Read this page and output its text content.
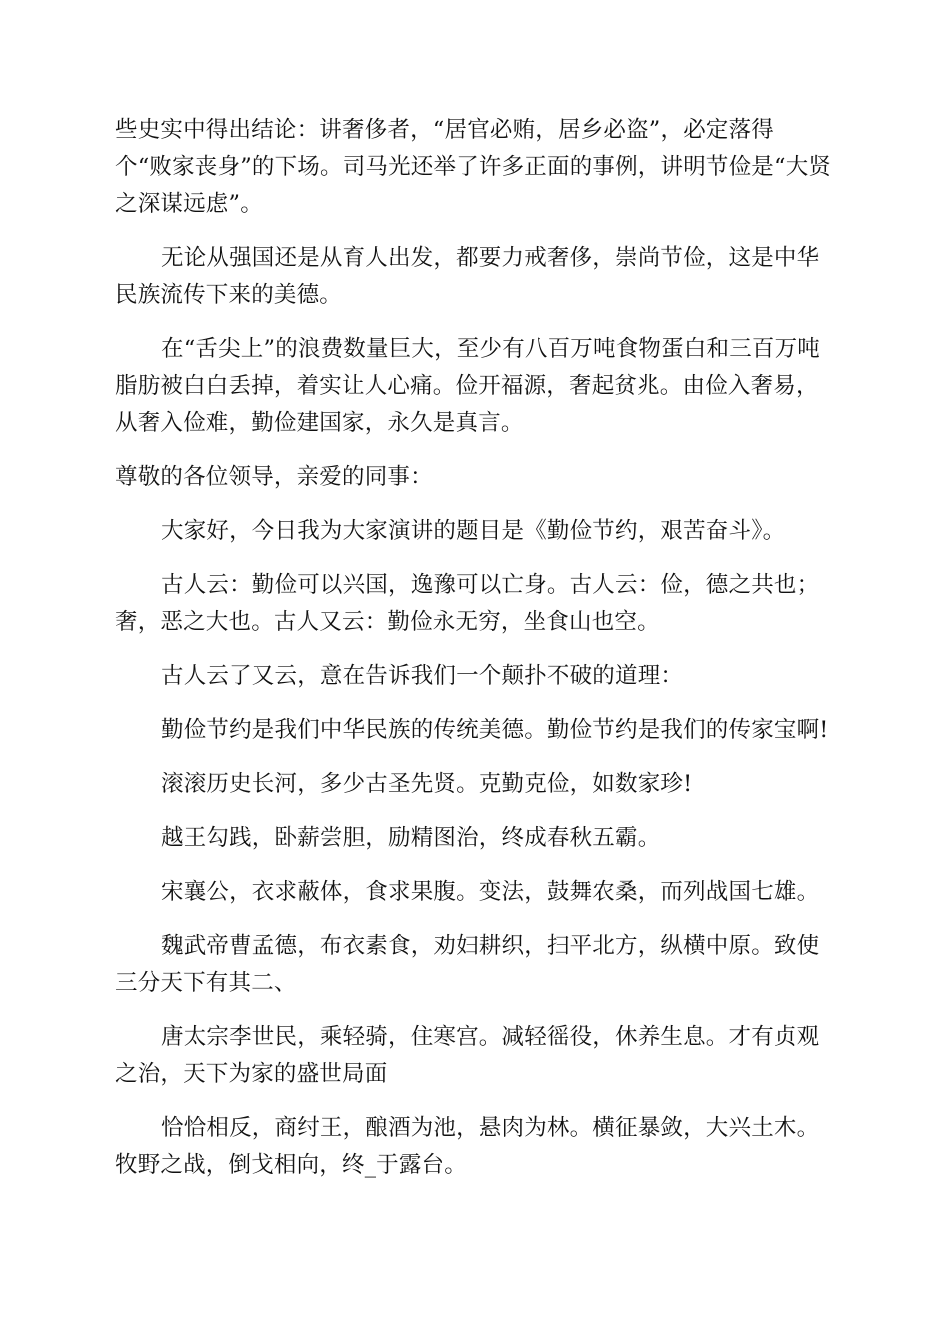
些史实中得出结论：讲奢侈者，“居官必贿，居乡必盗”，必定落得
个“败家丧身”的下场。司马光还举了许多正面的事例，讲明节俭是“大贤之深谋远虑”。

无论从强国还是从育人出发，都要力戒奢侈，崇尚节俭，这是中华民族流传下来的美德。

在“舌尖上”的浪费数量巨大，至少有八百万吨食物蛋白和三百万吨脂肪被白白丢掉，着实让人心痛。俭开福源，奢起贫兆。由俭入奢易，从奢入俭难，勤俭建国家，永久是真言。

尊敬的各位领导，亲爱的同事：

大家好，今日我为大家演讲的题目是《勤俭节约，艰苦奋斗》。

古人云：勤俭可以兴国，逸豫可以亡身。古人云：俭，德之共也；奢，恶之大也。古人又云：勤俭永无穷，坐食山也空。

古人云了又云，意在告诉我们一个颠扑不破的道理：

勤俭节约是我们中华民族的传统美德。勤俭节约是我们的传家宝啊!

滚滚历史长河，多少古圣先贤。克勤克俭，如数家珍!

越王勾践，卧薪尝胆，励精图治，终成春秋五霸。

宋襄公，衣求蔽体，食求果腹。变法，鼓舞农桑，而列战国七雄。

魏武帝曹孟德，布衣素食，劝妇耕织，扫平北方，纵横中原。致使三分天下有其二、

唐太宗李世民，乘轻骑，住寒宫。减轻徭役，休养生息。才有贞观之治，天下为家的盛世局面

恰恰相反，商纣王，酿酒为池，悬肉为林。横征暴敛，大兴土木。牧野之战，倒戈相向，终_于露台。
